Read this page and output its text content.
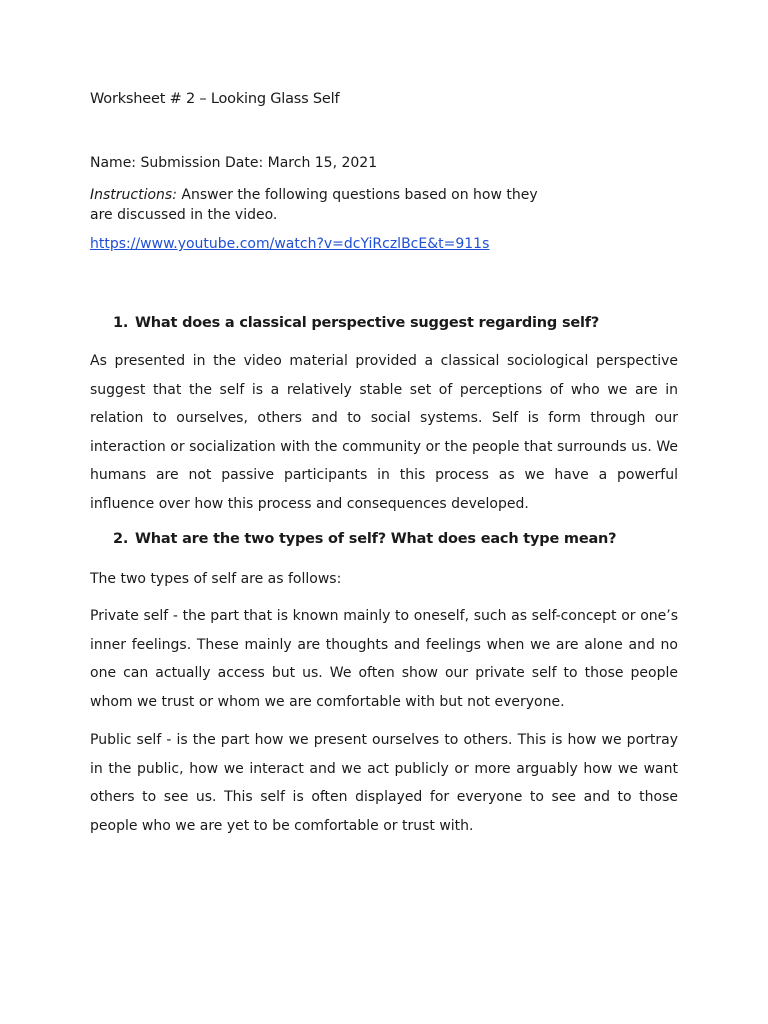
Worksheet # 2 – Looking Glass Self
Name: Submission Date: March 15, 2021
Instructions: Answer the following questions based on how they are discussed in the video.
https://www.youtube.com/watch?v=dcYiRczlBcE&t=911s
1. What does a classical perspective suggest regarding self?
As presented in the video material provided a classical sociological perspective suggest that the self is a relatively stable set of perceptions of who we are in relation to ourselves, others and to social systems. Self is form through our interaction or socialization with the community or the people that surrounds us. We humans are not passive participants in this process as we have a powerful influence over how this process and consequences developed.
2. What are the two types of self? What does each type mean?
The two types of self are as follows:
Private self - the part that is known mainly to oneself, such as self-concept or one’s inner feelings. These mainly are thoughts and feelings when we are alone and no one can actually access but us. We often show our private self to those people whom we trust or whom we are comfortable with but not everyone.
Public self - is the part how we present ourselves to others. This is how we portray in the public, how we interact and we act publicly or more arguably how we want others to see us. This self is often displayed for everyone to see and to those people who we are yet to be comfortable or trust with.
